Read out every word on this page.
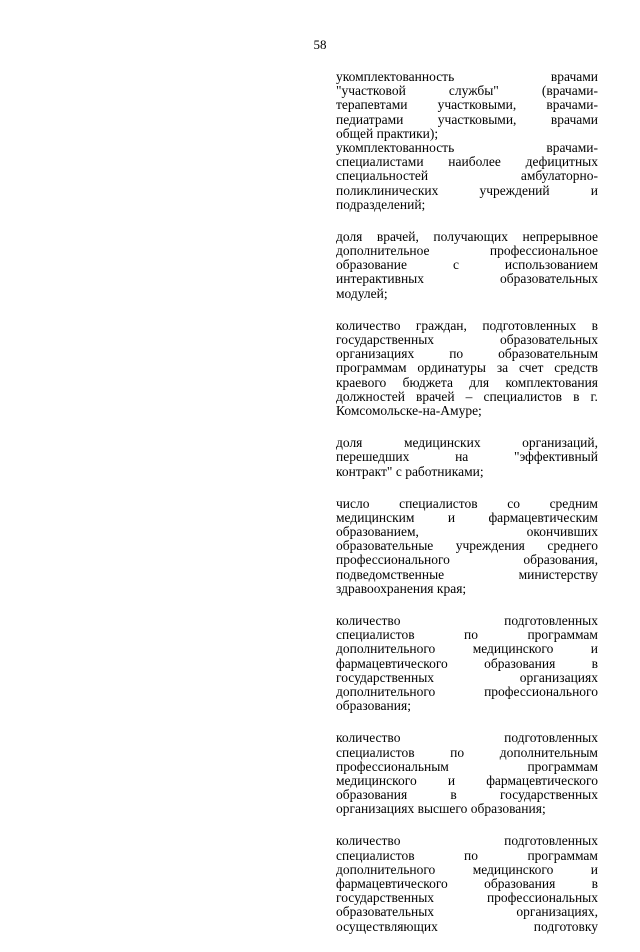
58
укомплектованность	врачами
"участковой	службы"	(врачами-
терапевтами участковыми, врачами-
педиатрами	участковыми,	врачами
общей практики);
укомплектованность	врачами-
специалистами наиболее дефицитных
специальностей	амбулаторно-
поликлинических	учреждений	и
подразделений;
доля врачей, получающих непрерывное
дополнительное	профессиональное
образование	с	использованием
интерактивных	образовательных
модулей;
количество граждан, подготовленных в
государственных	образовательных
организациях	по	образовательным
программам ординатуры за счет средств
краевого бюджета для комплектования
должностей врачей – специалистов в г.
Комсомольске-на-Амуре;
доля	медицинских	организаций,
перешедших	на	"эффективный
контракт" с работниками;
число специалистов со средним
медицинским и фармацевтическим
образованием,	окончивших
образовательные учреждения среднего
профессионального	образования,
подведомственные	министерству
здравоохранения края;
количество	подготовленных
специалистов	по	программам
дополнительного	медицинского	и
фармацевтического	образования	в
государственных	организациях
дополнительного	профессионального
образования;
количество	подготовленных
специалистов	по	дополнительным
профессиональным	программам
медицинского и фармацевтического
образования	в	государственных
организациях высшего образования;
количество	подготовленных
специалистов	по	программам
дополнительного	медицинского	и
фармацевтического	образования	в
государственных	профессиональных
образовательных	организациях,
осуществляющих	подготовку
